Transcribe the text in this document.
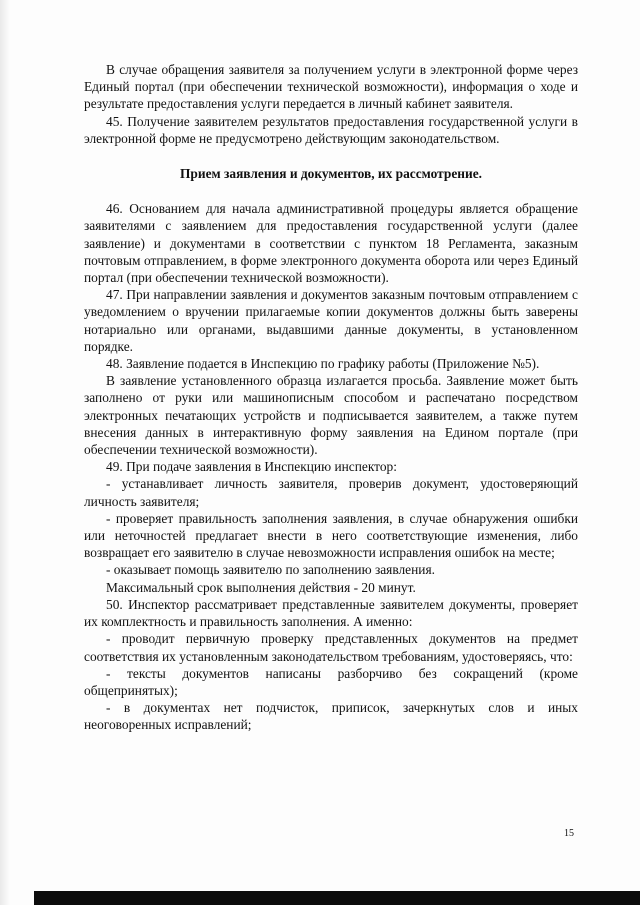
В случае обращения заявителя за получением услуги в электронной форме через Единый портал (при обеспечении технической возможности), информация о ходе и результате предоставления услуги передается в личный кабинет заявителя.

45. Получение заявителем результатов предоставления государственной услуги в электронной форме не предусмотрено действующим законодательством.

Прием заявления и документов, их рассмотрение.

46. Основанием для начала административной процедуры является обращение заявителями с заявлением для предоставления государственной услуги (далее заявление) и документами в соответствии с пунктом 18 Регламента, заказным почтовым отправлением, в форме электронного документа оборота или через Единый портал (при обеспечении технической возможности).

47. При направлении заявления и документов заказным почтовым отправлением с уведомлением о вручении прилагаемые копии документов должны быть заверены нотариально или органами, выдавшими данные документы, в установленном порядке.

48. Заявление подается в Инспекцию по графику работы (Приложение №5).

В заявление установленного образца излагается просьба. Заявление может быть заполнено от руки или машинописным способом и распечатано посредством электронных печатающих устройств и подписывается заявителем, а также путем внесения данных в интерактивную форму заявления на Едином портале (при обеспечении технической возможности).

49. При подаче заявления в Инспекцию инспектор:

- устанавливает личность заявителя, проверив документ, удостоверяющий личность заявителя;

- проверяет правильность заполнения заявления, в случае обнаружения ошибки или неточностей предлагает внести в него соответствующие изменения, либо возвращает его заявителю в случае невозможности исправления ошибок на месте;

- оказывает помощь заявителю по заполнению заявления.

Максимальный срок выполнения действия - 20 минут.

50. Инспектор рассматривает представленные заявителем документы, проверяет их комплектность и правильность заполнения. А именно:

- проводит первичную проверку представленных документов на предмет соответствия их установленным законодательством требованиям, удостоверяясь, что:

- тексты документов написаны разборчиво без сокращений (кроме общепринятых);

- в документах нет подчисток, приписок, зачеркнутых слов и иных неоговоренных исправлений;

15
